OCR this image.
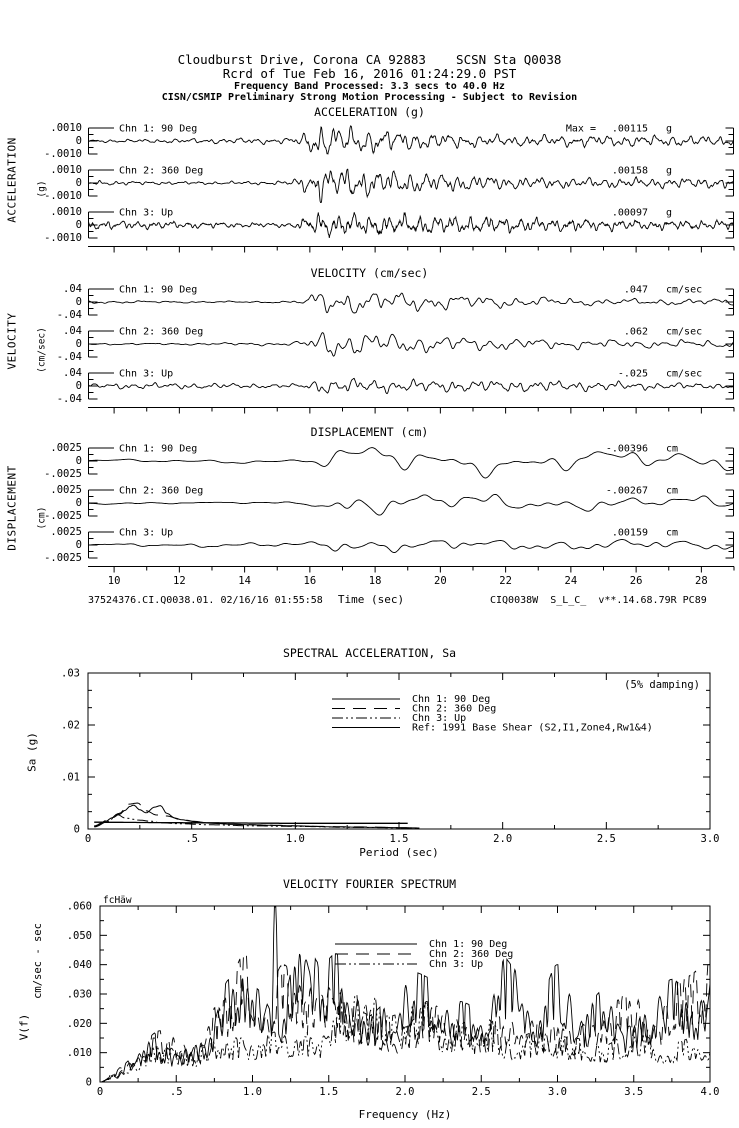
Cloudburst Drive, Corona CA 92883    SCSN Sta Q0038
Rcrd of Tue Feb 16, 2016 01:24:29.0 PST
Frequency Band Processed: 3.3 secs to 40.0 Hz
CISN/CSMIP Preliminary Strong Motion Processing - Subject to Revision
ACCELERATION (g)
ACCELERATION (g)
.0010
0
-.0010
Chn 1: 90 Deg	Max = .00115 g
.0010
0
-.0010
Chn 2: 360 Deg	.00158 g
.0010
0
-.0010
Chn 3: Up	.00097 g
VELOCITY (cm/sec)
VELOCITY (cm/sec)
.04
0
-.04
Chn 1: 90 Deg	.047 cm/sec
.04
0
-.04
Chn 2: 360 Deg	.062 cm/sec
.04
0
-.04
Chn 3: Up	-.025 cm/sec
DISPLACEMENT (cm)
DISPLACEMENT (cm)
.0025
0
-.0025
Chn 1: 90 Deg	-.00396 cm
.0025
0
-.0025
Chn 2: 360 Deg	-.00267 cm
.0025
0
-.0025
Chn 3: Up	.00159 cm
10	12	14	16	18	20	22	24	26	28
37524376.CI.Q0038.01. 02/16/16 01:55:58	Time (sec)	CIQ0038W  S_L_C_  v**.14.68.79R PC89
SPECTRAL ACCELERATION, Sa
Sa (g)
0	.5	1.0	1.5	2.0	2.5	3.0
0
.01
.02
.03
(5% damping)
Period (sec)
Chn 1: 90 Deg
Chn 2: 360 Deg
Chn 3: Up
Ref: 1991 Base Shear (S2,I1,Zone4,Rw1&4)
VELOCITY FOURIER SPECTRUM
cm/sec - sec
V(f)
0	.5	1.0	1.5	2.0	2.5	3.0	3.5	4.0
0
.010
.020
.030
.040
.050
.060 fcHäw
Frequency (Hz)
Chn 1: 90 Deg
Chn 2: 360 Deg
Chn 3: Up
